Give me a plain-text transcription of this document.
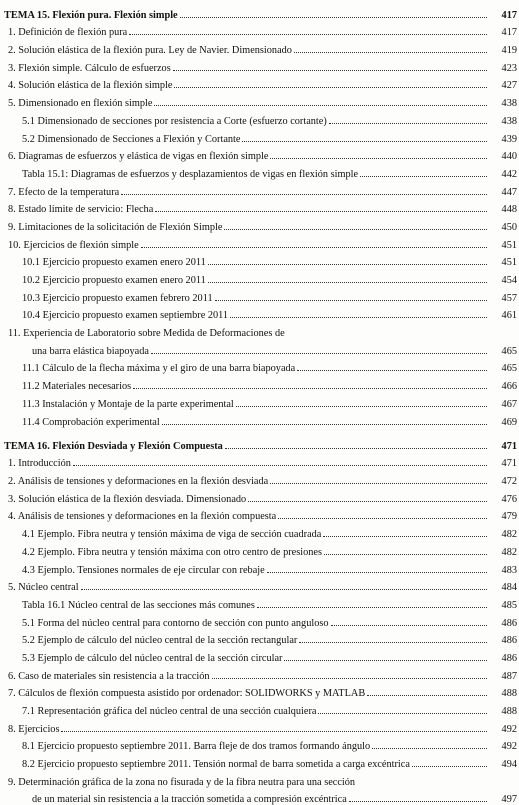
TEMA 15. Flexión pura. Flexión simple	417
1. Definición de flexión pura	417
2. Solución elástica de la flexión pura. Ley de Navier. Dimensionado	419
3. Flexión simple. Cálculo de esfuerzos	423
4. Solución elástica de la flexión simple	427
5. Dimensionado en flexión simple	438
5.1 Dimensionado de secciones por resistencia a Corte (esfuerzo cortante)	438
5.2 Dimensionado de Secciones a Flexión y Cortante	439
6. Diagramas de esfuerzos y elástica de vigas en flexión simple	440
Tabla 15.1: Diagramas de esfuerzos y desplazamientos de vigas en flexión simple	442
7. Efecto de la temperatura	447
8. Estado límite de servicio: Flecha	448
9. Limitaciones de la solicitación de Flexión Simple	450
10. Ejercicios de flexión simple	451
10.1 Ejercicio propuesto examen enero 2011	451
10.2 Ejercicio propuesto examen enero 2011	454
10.3 Ejercicio propuesto examen febrero 2011	457
10.4 Ejercicio propuesto examen septiembre 2011	461
11. Experiencia de Laboratorio sobre Medida de Deformaciones de
una barra elástica biapoyada	465
11.1 Cálculo de la flecha máxima y el giro de una barra biapoyada	465
11.2 Materiales necesarios	466
11.3 Instalación y Montaje de la parte experimental	467
11.4 Comprobación experimental	469
TEMA 16. Flexión Desviada y Flexión Compuesta	471
1. Introducción	471
2. Análisis de tensiones y deformaciones en la flexión desviada	472
3. Solución elástica de la flexión desviada. Dimensionado	476
4. Análisis de tensiones y deformaciones en la flexión compuesta	479
4.1 Ejemplo. Fibra neutra y tensión máxima de viga de sección cuadrada	482
4.2 Ejemplo. Fibra neutra y tensión máxima con otro centro de presiones	482
4.3 Ejemplo. Tensiones normales de eje circular con rebaje	483
5. Núcleo central	484
Tabla 16.1 Núcleo central de las secciones más comunes	485
5.1 Forma del núcleo central para contorno de sección con punto anguloso	486
5.2 Ejemplo de cálculo del núcleo central de la sección rectangular	486
5.3 Ejemplo de cálculo del núcleo central de la sección circular	486
6. Caso de materiales sin resistencia a la tracción	487
7. Cálculos de flexión compuesta asistido por ordenador: SOLIDWORKS y MATLAB	488
7.1 Representación gráfica del núcleo central de una sección cualquiera	488
8. Ejercicios	492
8.1 Ejercicio propuesto septiembre 2011. Barra fleje de dos tramos formando ángulo	492
8.2 Ejercicio propuesto septiembre 2011. Tensión normal de barra sometida a carga excéntrica	494
9. Determinación gráfica de la zona no fisurada y de la fibra neutra para una sección
de un material sin resistencia a la tracción sometida a compresión excéntrica	497
